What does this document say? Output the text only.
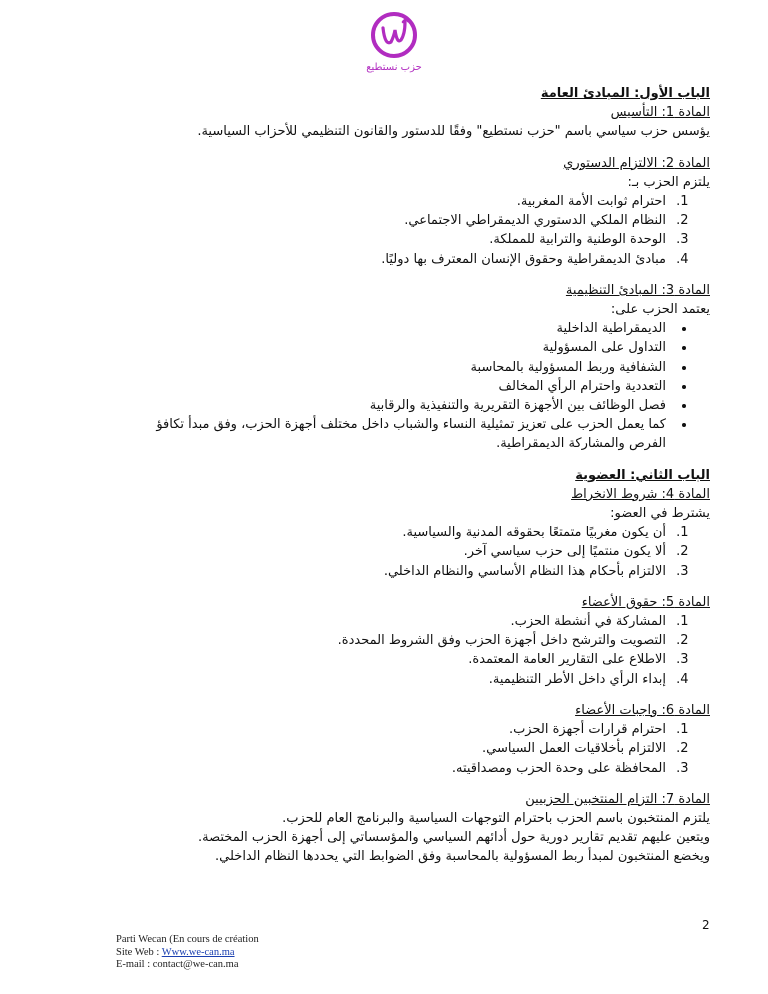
حزب نستطيع

الباب الأول: المبادئ العامة

المادة 1: التأسيس

يؤسس حزب سياسي باسم "حزب نستطيع" وفقًا للدستور والقانون التنظيمي للأحزاب السياسية.

المادة 2: الالتزام الدستوري

يلتزم الحزب بـ:

1. احترام ثوابت الأمة المغربية.
2. النظام الملكي الدستوري الديمقراطي الاجتماعي.
3. الوحدة الوطنية والترابية للمملكة.
4. مبادئ الديمقراطية وحقوق الإنسان المعترف بها دوليًا.

المادة 3: المبادئ التنظيمية

يعتمد الحزب على:

• الديمقراطية الداخلية
• التداول على المسؤولية
• الشفافية وربط المسؤولية بالمحاسبة
• التعددية واحترام الرأي المخالف
• فصل الوظائف بين الأجهزة التقريرية والتنفيذية والرقابية
• كما يعمل الحزب على تعزيز تمثيلية النساء والشباب داخل مختلف أجهزة الحزب، وفق مبدأ تكافؤ الفرص والمشاركة الديمقراطية.

الباب الثاني: العضوية

المادة 4: شروط الانخراط

يشترط في العضو:

1. أن يكون مغربيًا متمتعًا بحقوقه المدنية والسياسية.
2. ألا يكون منتميًا إلى حزب سياسي آخر.
3. الالتزام بأحكام هذا النظام الأساسي والنظام الداخلي.

المادة 5: حقوق الأعضاء

1. المشاركة في أنشطة الحزب.
2. التصويت والترشح داخل أجهزة الحزب وفق الشروط المحددة.
3. الاطلاع على التقارير العامة المعتمدة.
4. إبداء الرأي داخل الأطر التنظيمية.

المادة 6: واجبات الأعضاء

1. احترام قرارات أجهزة الحزب.
2. الالتزام بأخلاقيات العمل السياسي.
3. المحافظة على وحدة الحزب ومصداقيته.

المادة 7: التزام المنتخبين الحزبيين

يلتزم المنتخبون باسم الحزب باحترام التوجهات السياسية والبرنامج العام للحزب.

ويتعين عليهم تقديم تقارير دورية حول أدائهم السياسي والمؤسساتي إلى أجهزة الحزب المختصة.

ويخضع المنتخبون لمبدأ ربط المسؤولية بالمحاسبة وفق الضوابط التي يحددها النظام الداخلي.

2
Parti Wecan (En cours de création
Site Web : Www.we-can.ma
E-mail : contact@we-can.ma
